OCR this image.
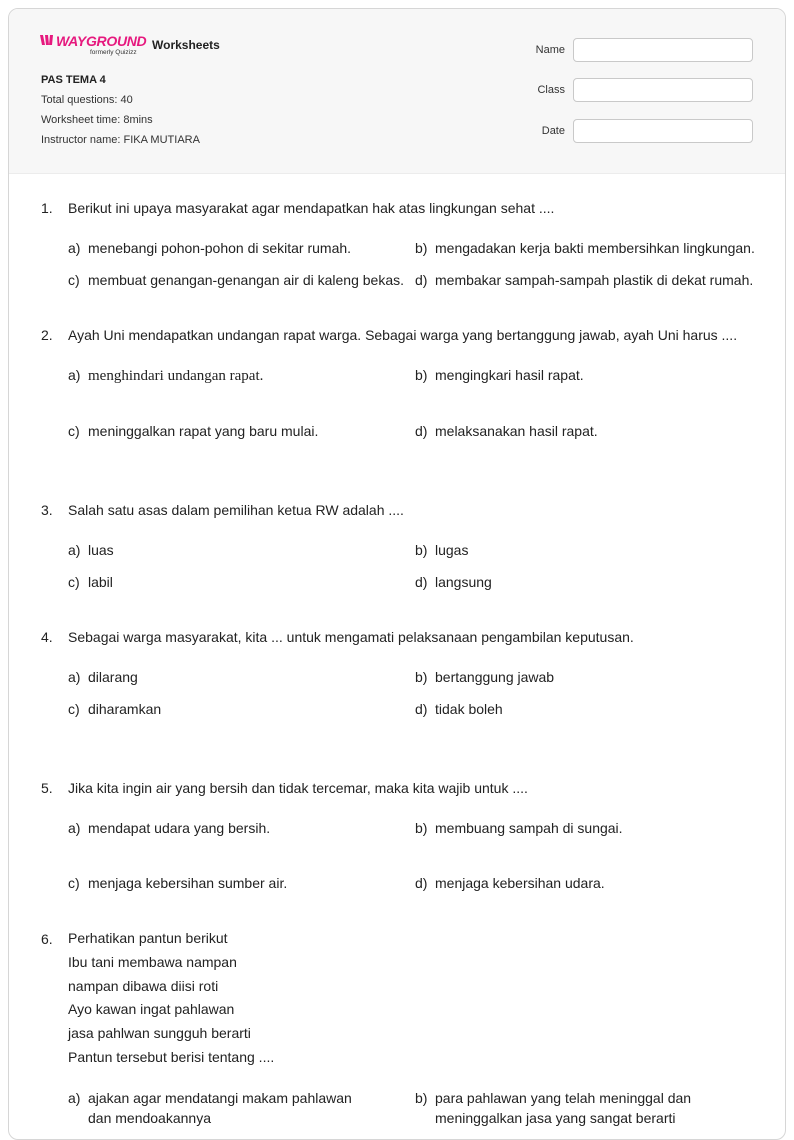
WAYGROUND
formerly Quizizz
Worksheets
PAS TEMA 4
Total questions: 40
Worksheet time: 8mins
Instructor name: FIKA MUTIARA
Name
Class
Date
1. Berikut ini upaya masyarakat agar mendapatkan hak atas lingkungan sehat ....
a) menebangi pohon-pohon di sekitar rumah.	b) mengadakan kerja bakti membersihkan lingkungan.
c) membuat genangan-genangan air di kaleng bekas. d) membakar sampah-sampah plastik di dekat rumah.
2. Ayah Uni mendapatkan undangan rapat warga. Sebagai warga yang bertanggung jawab, ayah Uni harus ....
a) menghindari undangan rapat.	b) mengingkari hasil rapat.
c) meninggalkan rapat yang baru mulai.	d) melaksanakan hasil rapat.
3. Salah satu asas dalam pemilihan ketua RW adalah ....
a) luas	b) lugas
c) labil	d) langsung
4. Sebagai warga masyarakat, kita ... untuk mengamati pelaksanaan pengambilan keputusan.
a) dilarang	b) bertanggung jawab
c) diharamkan	d) tidak boleh
5. Jika kita ingin air yang bersih dan tidak tercemar, maka kita wajib untuk ....
a) mendapat udara yang bersih.	b) membuang sampah di sungai.
c) menjaga kebersihan sumber air.	d) menjaga kebersihan udara.
6. Perhatikan pantun berikut
Ibu tani membawa nampan
nampan dibawa diisi roti
Ayo kawan ingat pahlawan
jasa pahlwan sungguh berarti
Pantun tersebut berisi tentang ....
a) ajakan agar mendatangi makam pahlawan dan mendoakannya
b) para pahlawan yang telah meninggal dan meninggalkan jasa yang sangat berarti
